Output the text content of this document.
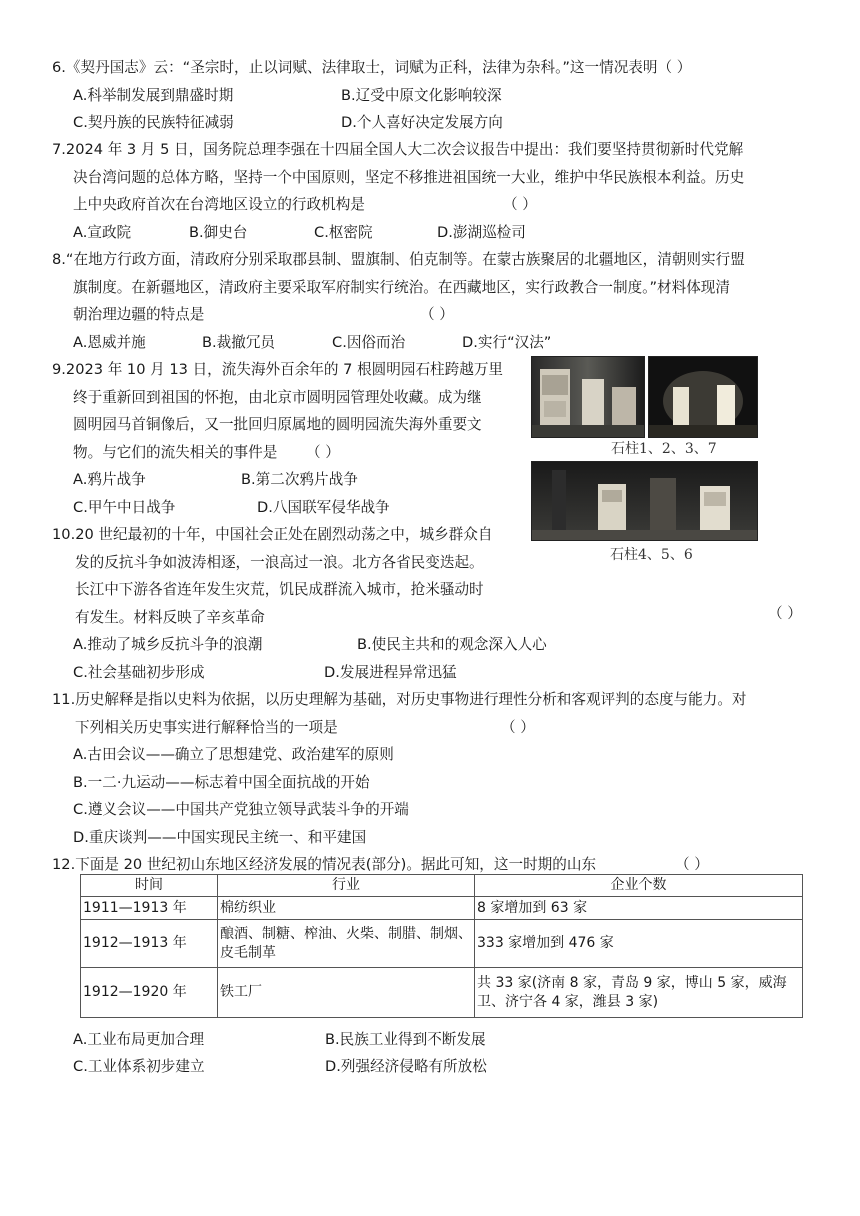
6.《契丹国志》云：“圣宗时，止以词赋、法律取士，词赋为正科，法律为杂科。”这一情况表明（ ）
A.科举制发展到鼎盛时期	B.辽受中原文化影响较深
C.契丹族的民族特征减弱	D.个人喜好决定发展方向
7.2024 年 3 月 5 日，国务院总理李强在十四届全国人大二次会议报告中提出：我们要坚持贯彻新时代党解
决台湾问题的总体方略，坚持一个中国原则，坚定不移推进祖国统一大业，维护中华民族根本利益。历史
上中央政府首次在台湾地区设立的行政机构是	（ ）
A.宣政院	B.御史台	C.枢密院	D.澎湖巡检司
8.“在地方行政方面，清政府分别采取郡县制、盟旗制、伯克制等。在蒙古族聚居的北疆地区，清朝则实行盟
旗制度。在新疆地区，清政府主要采取军府制实行统治。在西藏地区，实行政教合一制度。”材料体现清
朝治理边疆的特点是	（ ）
A.恩威并施	B.裁撤冗员	C.因俗而治	D.实行“汉法”
9.2023 年 10 月 13 日，流失海外百余年的 7 根圆明园石柱跨越万里
终于重新回到祖国的怀抱，由北京市圆明园管理处收藏。成为继
圆明园马首铜像后，又一批回归原属地的圆明园流失海外重要文
物。与它们的流失相关的事件是 （ ）
A.鸦片战争	B.第二次鸦片战争
C.甲午中日战争	D.八国联军侵华战争
石柱1、2、3、7
石柱4、5、6
10.20 世纪最初的十年，中国社会正处在剧烈动荡之中，城乡群众自
发的反抗斗争如波涛相逐，一浪高过一浪。北方各省民变迭起。
长江中下游各省连年发生灾荒，饥民成群流入城市，抢米骚动时
有发生。材料反映了辛亥革命	（ ）
A.推动了城乡反抗斗争的浪潮	B.使民主共和的观念深入人心
C.社会基础初步形成	D.发展进程异常迅猛
11.历史解释是指以史料为依据，以历史理解为基础，对历史事物进行理性分析和客观评判的态度与能力。对
下列相关历史事实进行解释恰当的一项是	（ ）
A.古田会议——确立了思想建党、政治建军的原则
B.一二·九运动——标志着中国全面抗战的开始
C.遵义会议——中国共产党独立领导武装斗争的开端
D.重庆谈判——中国实现民主统一、和平建国
12.下面是 20 世纪初山东地区经济发展的情况表(部分)。据此可知，这一时期的山东	（ ）
时间	行业	企业个数
1911—1913 年	棉纺织业	8 家增加到 63 家
1912—1913 年	酿酒、制糖、榨油、火柴、制腊、制烟、皮毛制革	333 家增加到 476 家
1912—1920 年	铁工厂	共 33 家(济南 8 家，青岛 9 家，博山 5 家，威海卫、济宁各 4 家，潍县 3 家)
A.工业布局更加合理	B.民族工业得到不断发展
C.工业体系初步建立	D.列强经济侵略有所放松
